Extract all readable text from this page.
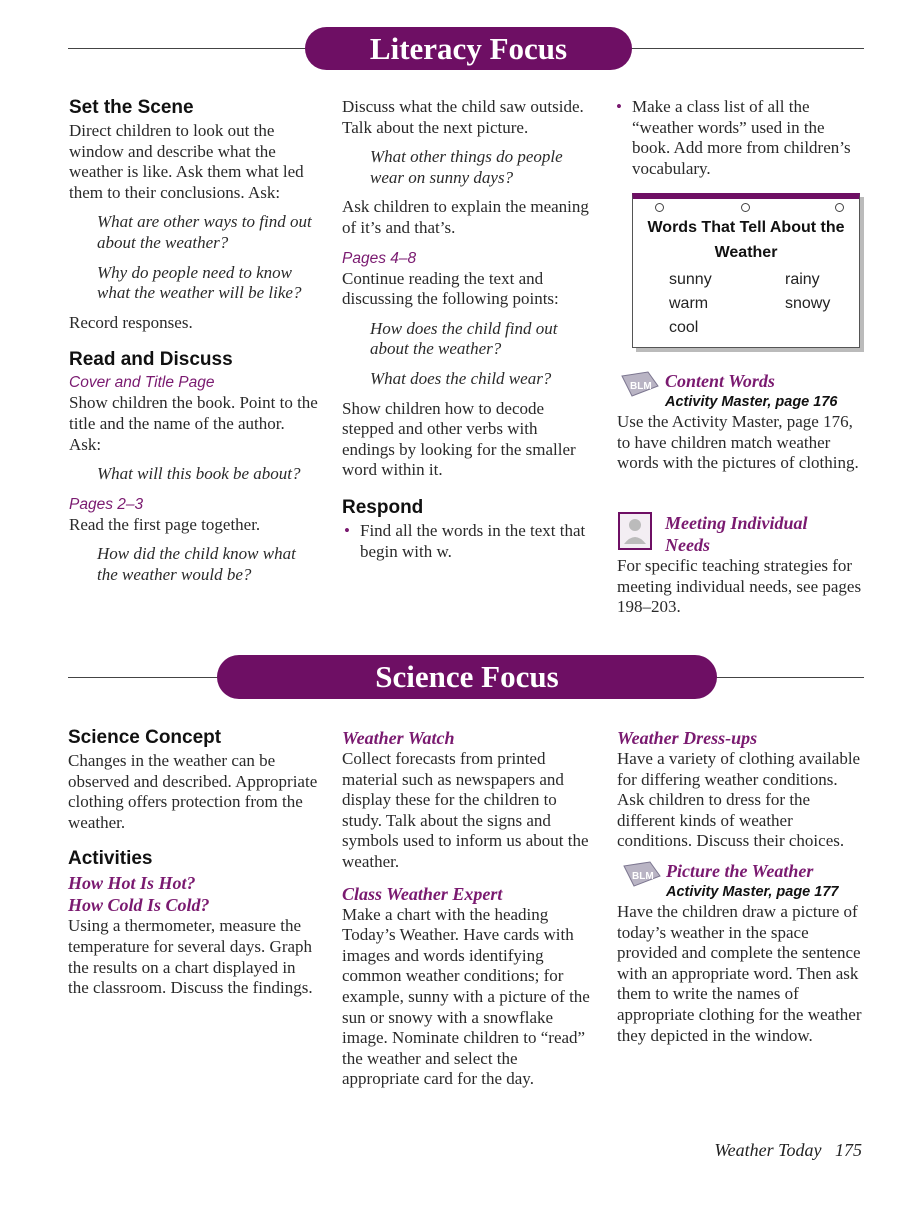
Literacy Focus
Set the Scene

Direct children to look out the window and describe what the weather is like. Ask them what led them to their conclusions. Ask:

What are other ways to find out about the weather?

Why do people need to know what the weather will be like?

Record responses.

Read and Discuss

Cover and Title Page

Show children the book. Point to the title and the name of the author. Ask:

What will this book be about?

Pages 2–3

Read the first page together.

How did the child know what the weather would be?

Discuss what the child saw outside. Talk about the next picture.

What other things do people wear on sunny days?

Ask children to explain the meaning of it’s and that’s.

Pages 4–8

Continue reading the text and discussing the following points:

How does the child find out about the weather?

What does the child wear?

Show children how to decode stepped and other verbs with endings by looking for the smaller word within it.

Respond

• Find all the words in the text that begin with w.

• Make a class list of all the “weather words” used in the book. Add more from children’s vocabulary.

Words That Tell About the Weather
sunny	rainy
warm	snowy
cool
BLM Content Words

Activity Master, page 176

Use the Activity Master, page 176, to have children match weather words with the pictures of clothing.

Meeting Individual Needs

For specific teaching strategies for meeting individual needs, see pages 198–203.

Science Focus
Science Concept

Changes in the weather can be observed and described. Appropriate clothing offers protection from the weather.

Activities

How Hot Is Hot?

How Cold Is Cold?

Using a thermometer, measure the temperature for several days. Graph the results on a chart displayed in the classroom. Discuss the findings.

Weather Watch

Collect forecasts from printed material such as newspapers and display these for the children to study. Talk about the signs and symbols used to inform us about the weather.

Class Weather Expert

Make a chart with the heading Today’s Weather. Have cards with images and words identifying common weather conditions; for example, sunny with a picture of the sun or snowy with a snowflake image. Nominate children to “read” the weather and select the appropriate card for the day.

Weather Dress-ups

Have a variety of clothing available for differing weather conditions. Ask children to dress for the different kinds of weather conditions. Discuss their choices.

BLM Picture the Weather

Activity Master, page 177

Have the children draw a picture of today’s weather in the space provided and complete the sentence with an appropriate word. Then ask them to write the names of appropriate clothing for the weather they depicted in the window.

Weather Today 175
